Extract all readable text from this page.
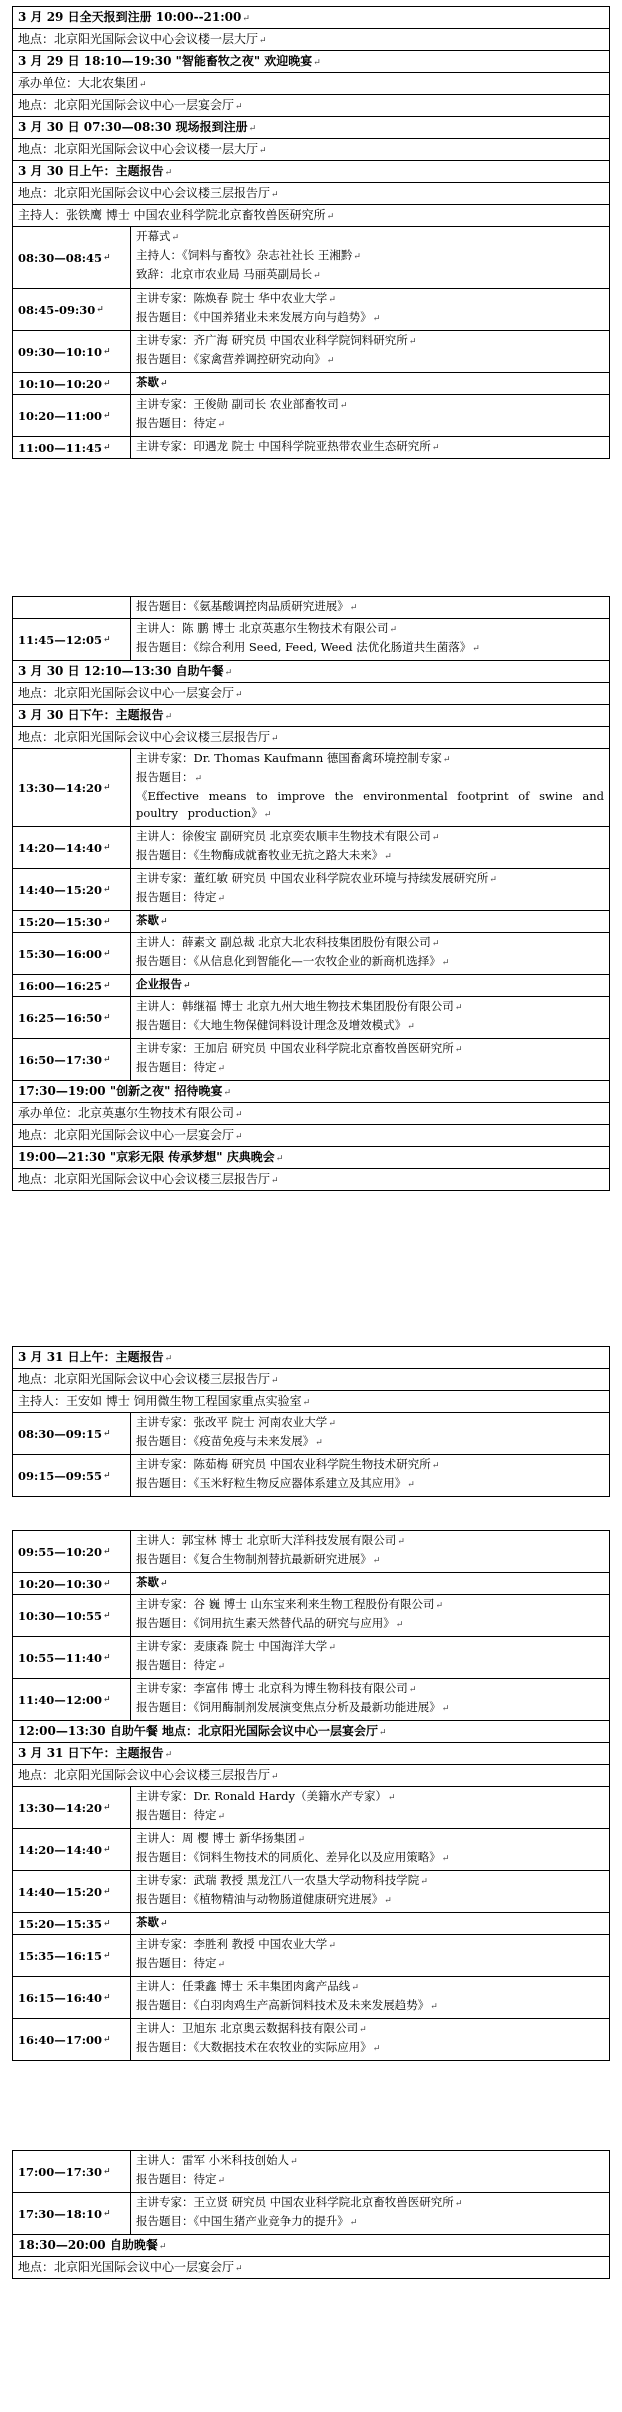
3 月 29 日全天报到注册 10:00--21:00↵
地点：北京阳光国际会议中心会议楼一层大厅↵
3 月 29 日 18:10—19:30 "智能畜牧之夜" 欢迎晚宴↵
承办单位：大北农集团↵
地点：北京阳光国际会议中心一层宴会厅↵
3 月 30 日 07:30—08:30 现场报到注册↵
地点：北京阳光国际会议中心会议楼一层大厅↵
3 月 30 日上午：主题报告↵
地点：北京阳光国际会议中心会议楼三层报告厅↵
主持人：张铁鹰 博士 中国农业科学院北京畜牧兽医研究所↵
08:30—08:45 ↵
开幕式↵
主持人：《饲料与畜牧》杂志社社长 王湘黔↵
致辞：北京市农业局 马丽英副局长↵
08:45-09:30 ↵
主讲专家：陈焕春 院士 华中农业大学↵
报告题目：《中国养猪业未来发展方向与趋势》↵
09:30—10:10 ↵
主讲专家：齐广海 研究员 中国农业科学院饲料研究所↵
报告题目：《家禽营养调控研究动向》↵
10:10—10:20 ↵ 茶歇↵
10:20—11:00 ↵
主讲专家：王俊勋 副司长 农业部畜牧司↵
报告题目：待定↵
11:00—11:45 ↵ 主讲专家：印遇龙 院士 中国科学院亚热带农业生态研究所↵
报告题目：《氨基酸调控肉品质研究进展》↵
11:45—12:05 ↵
主讲人：陈 鹏 博士 北京英惠尔生物技术有限公司↵
报告题目：《综合利用 Seed, Feed, Weed 法优化肠道共生菌落》↵
3 月 30 日 12:10—13:30 自助午餐↵
地点：北京阳光国际会议中心一层宴会厅↵
3 月 30 日下午：主题报告↵
地点：北京阳光国际会议中心会议楼三层报告厅↵
13:30—14:20 ↵
主讲专家：Dr. Thomas Kaufmann 德国畜禽环境控制专家↵
报告题目：↵
《Effective means to improve the environmental footprint of swine and poultry production》↵
14:20—14:40 ↵
主讲人：徐俊宝 副研究员 北京奕农顺丰生物技术有限公司↵
报告题目：《生物酶成就畜牧业无抗之路大未来》↵
14:40—15:20 ↵
主讲专家：董红敏 研究员 中国农业科学院农业环境与持续发展研究所↵
报告题目：待定↵
15:20—15:30 ↵ 茶歇↵
15:30—16:00 ↵
主讲人：薛素文 副总裁 北京大北农科技集团股份有限公司↵
报告题目：《从信息化到智能化—一农牧企业的新商机选择》↵
16:00—16:25 ↵ 企业报告↵
16:25—16:50 ↵
主讲人：韩继福 博士 北京九州大地生物技术集团股份有限公司↵
报告题目：《大地生物保健饲料设计理念及增效模式》↵
16:50—17:30 ↵
主讲专家：王加启 研究员 中国农业科学院北京畜牧兽医研究所↵
报告题目：待定↵
17:30—19:00 "创新之夜" 招待晚宴↵
承办单位：北京英惠尔生物技术有限公司↵
地点：北京阳光国际会议中心一层宴会厅↵
19:00—21:30 "京彩无限 传承梦想" 庆典晚会↵
地点：北京阳光国际会议中心会议楼三层报告厅↵
3 月 31 日上午：主题报告↵
地点：北京阳光国际会议中心会议楼三层报告厅↵
主持人：王安如 博士 饲用微生物工程国家重点实验室↵
08:30—09:15 ↵
主讲专家：张改平 院士 河南农业大学↵
报告题目：《疫苗免疫与未来发展》↵
09:15—09:55 ↵
主讲专家：陈茹梅 研究员 中国农业科学院生物技术研究所↵
报告题目：《玉米籽粒生物反应器体系建立及其应用》↵
09:55—10:20 ↵
主讲人：郭宝林 博士 北京昕大洋科技发展有限公司↵
报告题目：《复合生物制剂替抗最新研究进展》↵
10:20—10:30 ↵ 茶歇↵
10:30—10:55 ↵
主讲专家：谷 巍 博士 山东宝来利来生物工程股份有限公司↵
报告题目：《饲用抗生素天然替代品的研究与应用》↵
10:55—11:40 ↵
主讲专家：麦康森 院士 中国海洋大学↵
报告题目：待定↵
11:40—12:00 ↵
主讲专家：李富伟 博士 北京科为博生物科技有限公司↵
报告题目：《饲用酶制剂发展演变焦点分析及最新功能进展》↵
12:00—13:30 自助午餐 地点：北京阳光国际会议中心一层宴会厅↵
3 月 31 日下午：主题报告↵
地点：北京阳光国际会议中心会议楼三层报告厅↵
13:30—14:20 ↵
主讲专家：Dr. Ronald Hardy（美籍水产专家）↵
报告题目：待定↵
14:20—14:40 ↵
主讲人：周 樱 博士 新华扬集团↵
报告题目：《饲料生物技术的同质化、差异化以及应用策略》↵
14:40—15:20 ↵
主讲专家：武瑞 教授 黑龙江八一农垦大学动物科技学院↵
报告题目：《植物精油与动物肠道健康研究进展》↵
15:20—15:35 ↵ 茶歇↵
15:35—16:15 ↵
主讲专家：李胜利 教授 中国农业大学↵
报告题目：待定↵
16:15—16:40 ↵
主讲人：任秉鑫 博士 禾丰集团肉禽产品线↵
报告题目：《白羽肉鸡生产高新饲料技术及未来发展趋势》↵
16:40—17:00 ↵
主讲人：卫旭东 北京奥云数据科技有限公司↵
报告题目：《大数据技术在农牧业的实际应用》↵
17:00—17:30 ↵
主讲人：雷军 小米科技创始人↵
报告题目：待定↵
17:30—18:10 ↵
主讲专家：王立贤 研究员 中国农业科学院北京畜牧兽医研究所↵
报告题目：《中国生猪产业竞争力的提升》↵
18:30—20:00 自助晚餐↵
地点：北京阳光国际会议中心一层宴会厅↵
